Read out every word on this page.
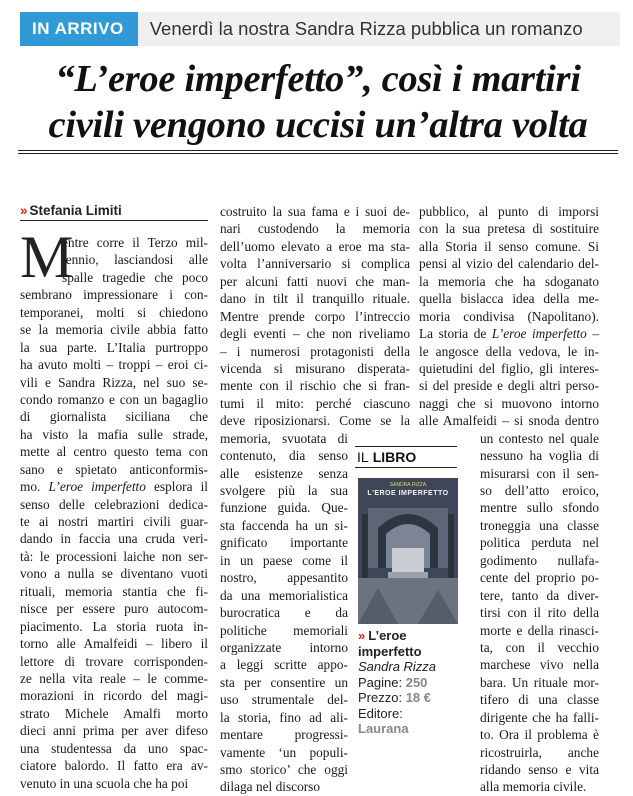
IN ARRIVO	Venerdì la nostra Sandra Rizza pubblica un romanzo
“L’eroe imperfetto”, così i martiri
civili vengono uccisi un’altra volta
» Stefania Limiti
M
entre corre il Terzo mil-
lennio, lasciandosi alle
spalle tragedie che poco
sembrano impressionare i con-
temporanei, molti si chiedono
se la memoria civile abbia fatto
la sua parte. L’Italia purtroppo
ha avuto molti – troppi – eroi ci-
vili e Sandra Rizza, nel suo se-
condo romanzo e con un bagaglio
di giornalista siciliana che
ha visto la mafia sulle strade,
mette al centro questo tema con
sano e spietato anticonformis-
mo. L’eroe imperfetto esplora il
senso delle celebrazioni dedica-
te ai nostri martiri civili guar-
dando in faccia una cruda veri-
tà: le processioni laiche non ser-
vono a nulla se diventano vuoti
rituali, memoria stantia che fi-
nisce per essere puro autocom-
piacimento. La storia ruota in-
torno alle Amalfeidi – libero il
lettore di trovare corrisponden-
ze nella vita reale – le comme-
morazioni in ricordo del magi-
strato Michele Amalfi morto
dieci anni prima per aver difeso
una studentessa da uno spac-
ciatore balordo. Il fatto era av-
venuto in una scuola che ha poi
costruito la sua fama e i suoi de-
nari custodendo la memoria
dell’uomo elevato a eroe ma sta-
volta l’anniversario si complica
per alcuni fatti nuovi che man-
dano in tilt il tranquillo rituale.
Mentre prende corpo l’intreccio
degli eventi – che non riveliamo
– i numerosi protagonisti della
vicenda si misurano disperata-
mente con il rischio che si fran-
tumi il mito: perché ciascuno
deve riposizionarsi. Come se la
memoria, svuotata di
contenuto, dia senso
alle esistenze senza
svolgere più la sua
funzione guida. Que-
sta faccenda ha un si-
gnificato importante
in un paese come il
nostro, appesantito
da una memorialistica
burocratica e da
politiche memoriali
organizzate intorno
a leggi scritte appo-
sta per consentire un
uso strumentale del-
la storia, fino ad ali-
mentare progressi-
vamente ‘un populi-
smo storico’ che oggi
dilaga nel discorso
pubblico, al punto di imporsi
con la sua pretesa di sostituire
alla Storia il senso comune. Si
pensi al vizio del calendario del-
la memoria che ha sdoganato
quella bislacca idea della me-
moria condivisa (Napolitano).
La storia de L’eroe imperfetto –
le angosce della vedova, le in-
quietudini del figlio, gli interes-
si del preside e degli altri perso-
naggi che si muovono intorno
alle Amalfeidi – si snoda dentro
un contesto nel quale
nessuno ha voglia di
misurarsi con il sen-
so dell’atto eroico,
mentre sullo sfondo
troneggia una classe
politica perduta nel
godimento nullafa-
cente del proprio po-
tere, tanto da diver-
tirsi con il rito della
morte e della rinasci-
ta, con il vecchio
marchese vivo nella
bara. Un rituale mor-
tifero di una classe
dirigente che ha falli-
to. Ora il problema è
ricostruirla, anche
ridando senso e vita
alla memoria civile.
IL LIBRO
SANDRA RIZZA
L'EROE IMPERFETTO
» L’eroe
imperfetto
Sandra Rizza
Pagine: 250
Prezzo: 18 €
Editore:
Laurana
